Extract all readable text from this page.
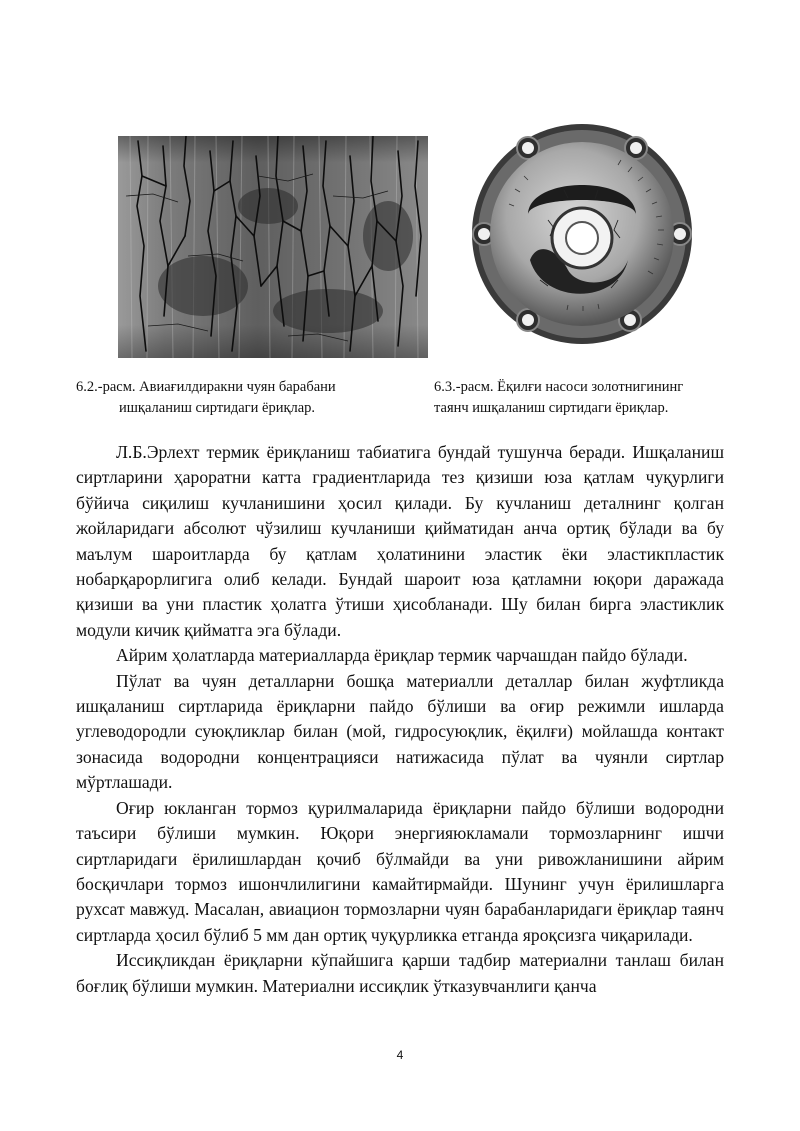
6.2.-расм. Авиағилдиракни чуян барабани
ишқаланиш сиртидаги ёриқлар.
6.3.-расм. Ёқилғи насоси золотнигининг
таянч ишқаланиш сиртидаги ёриқлар.

Л.Б.Эрлехт термик ёриқланиш табиатига бундай тушунча беради. Ишқаланиш сиртларини ҳароратни катта градиентларида тез қизиши юза қатлам чуқурлиги бўйича сиқилиш кучланишини ҳосил қилади. Бу кучланиш деталнинг қолган жойларидаги абсолют чўзилиш кучланиши қийматидан анча ортиқ бўлади ва бу маълум шароитларда бу қатлам ҳолатинини эластик ёки эластикпластик нобарқарорлигига олиб келади. Бундай шароит юза қатламни юқори даражада қизиши ва уни пластик ҳолатга ўтиши ҳисобланади. Шу билан бирга эластиклик модули кичик қийматга эга бўлади.

Айрим ҳолатларда материалларда ёриқлар термик чарчашдан пайдо бўлади.

Пўлат ва чуян деталларни бошқа материалли деталлар билан жуфтликда ишқаланиш сиртларида ёриқларни пайдо бўлиши ва оғир режимли ишларда углеводородли суюқликлар билан (мой, гидросуюқлик, ёқилғи) мойлашда контакт зонасида водородни концентрацияси натижасида пўлат ва чуянли сиртлар мўртлашади.

Оғир юкланган тормоз қурилмаларида ёриқларни пайдо бўлиши водородни таъсири бўлиши мумкин. Юқори энергияюкламали тормозларнинг ишчи сиртларидаги ёрилишлардан қочиб бўлмайди ва уни ривожланишини айрим босқичлари тормоз ишончлилигини камайтирмайди. Шунинг учун ёрилишларга рухсат мавжуд. Масалан, авиацион тормозларни чуян барабанларидаги ёриқлар таянч сиртларда ҳосил бўлиб 5 мм дан ортиқ чуқурликка етганда яроқсизга чиқарилади.

Иссиқликдан ёриқларни кўпайшига қарши тадбир материални танлаш билан боғлиқ бўлиши мумкин. Материални иссиқлик ўтказувчанлиги қанча

4
